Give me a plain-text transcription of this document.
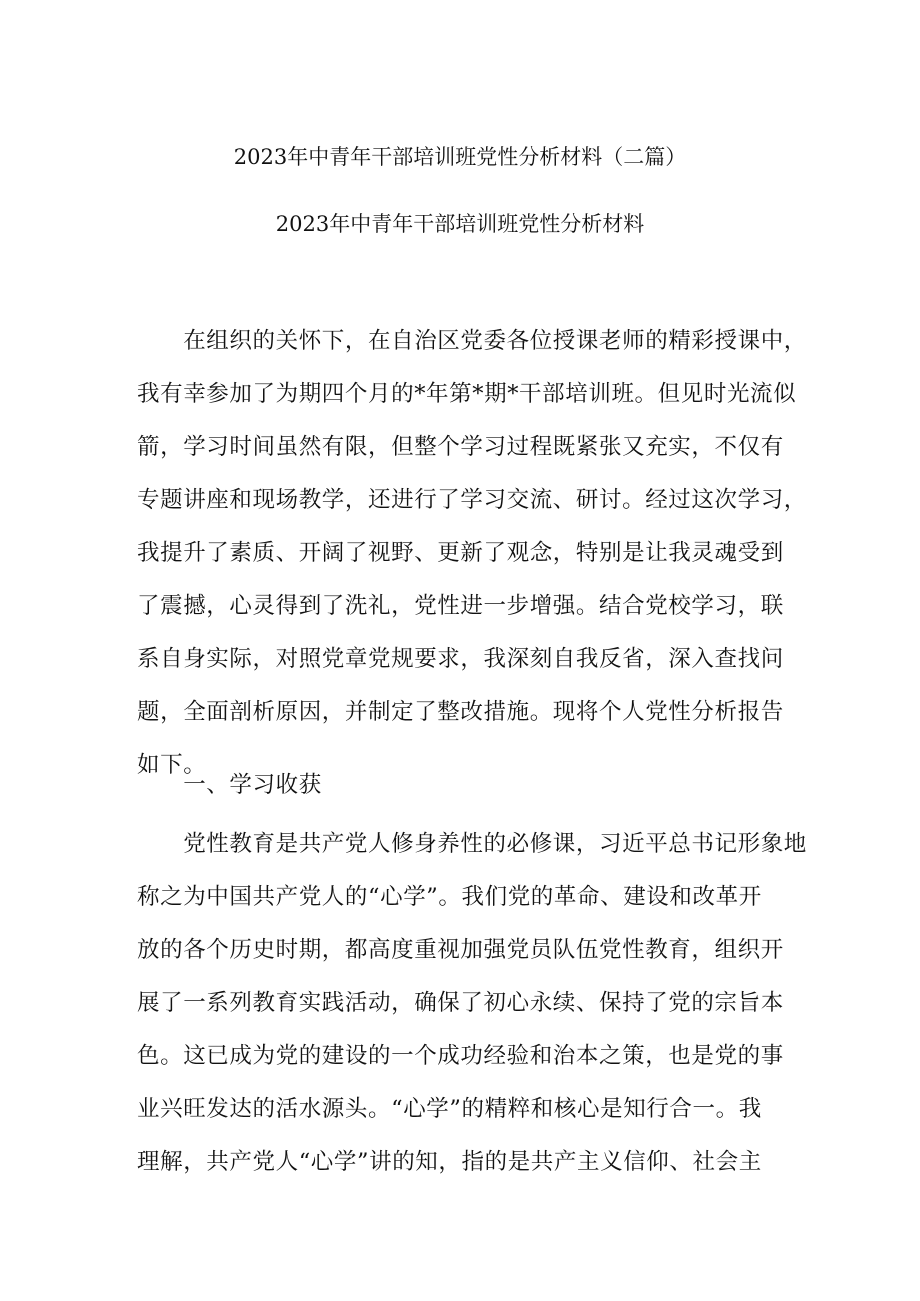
2023年中青年干部培训班党性分析材料（二篇）
2023年中青年干部培训班党性分析材料
　　在组织的关怀下，在自治区党委各位授课老师的精彩授课中，
我有幸参加了为期四个月的*年第*期*干部培训班。但见时光流似
箭，学习时间虽然有限，但整个学习过程既紧张又充实，不仅有
专题讲座和现场教学，还进行了学习交流、研讨。经过这次学习，
我提升了素质、开阔了视野、更新了观念，特别是让我灵魂受到
了震撼，心灵得到了洗礼，党性进一步增强。结合党校学习，联
系自身实际，对照党章党规要求，我深刻自我反省，深入查找问
题，全面剖析原因，并制定了整改措施。现将个人党性分析报告
如下。
　　一、学习收获
　　党性教育是共产党人修身养性的必修课，习近平总书记形象地
称之为中国共产党人的“心学”。我们党的革命、建设和改革开
放的各个历史时期，都高度重视加强党员队伍党性教育，组织开
展了一系列教育实践活动，确保了初心永续、保持了党的宗旨本
色。这已成为党的建设的一个成功经验和治本之策，也是党的事
业兴旺发达的活水源头。“心学”的精粹和核心是知行合一。我
理解，共产党人“心学”讲的知，指的是共产主义信仰、社会主
